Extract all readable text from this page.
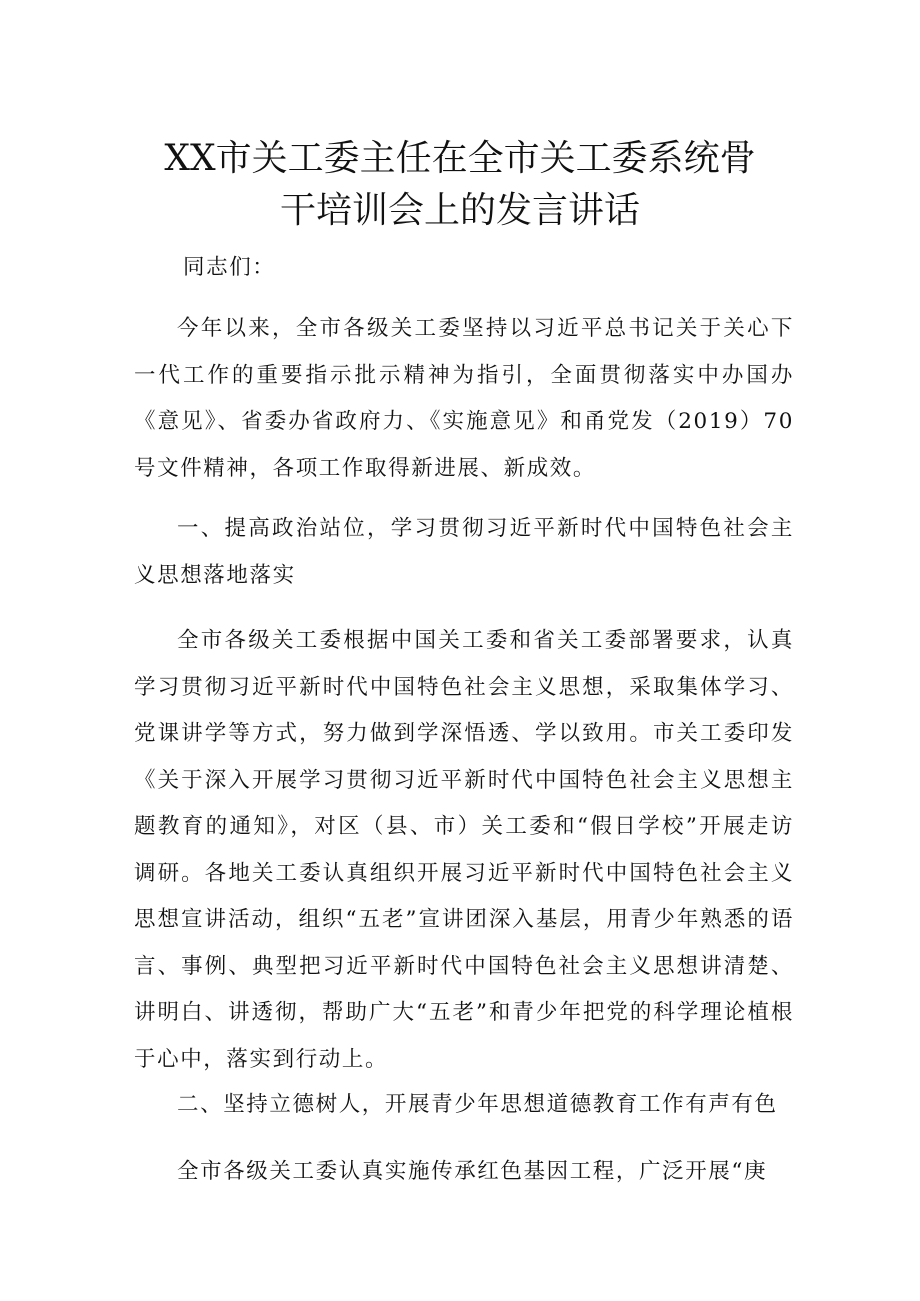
XX市关工委主任在全市关工委系统骨
干培训会上的发言讲话

同志们：

今年以来，全市各级关工委坚持以习近平总书记关于关心下一代工作的重要指示批示精神为指引，全面贯彻落实中办国办《意见》、省委办省政府力、《实施意见》和甬党发（2019）70号文件精神，各项工作取得新进展、新成效。

一、提高政治站位，学习贯彻习近平新时代中国特色社会主义思想落地落实

全市各级关工委根据中国关工委和省关工委部署要求，认真学习贯彻习近平新时代中国特色社会主义思想，采取集体学习、党课讲学等方式，努力做到学深悟透、学以致用。市关工委印发《关于深入开展学习贯彻习近平新时代中国特色社会主义思想主题教育的通知》，对区（县、市）关工委和“假日学校”开展走访调研。各地关工委认真组织开展习近平新时代中国特色社会主义思想宣讲活动，组织“五老”宣讲团深入基层，用青少年熟悉的语言、事例、典型把习近平新时代中国特色社会主义思想讲清楚、讲明白、讲透彻，帮助广大“五老”和青少年把党的科学理论植根于心中，落实到行动上。

二、坚持立德树人，开展青少年思想道德教育工作有声有色

全市各级关工委认真实施传承红色基因工程，广泛开展“庚
